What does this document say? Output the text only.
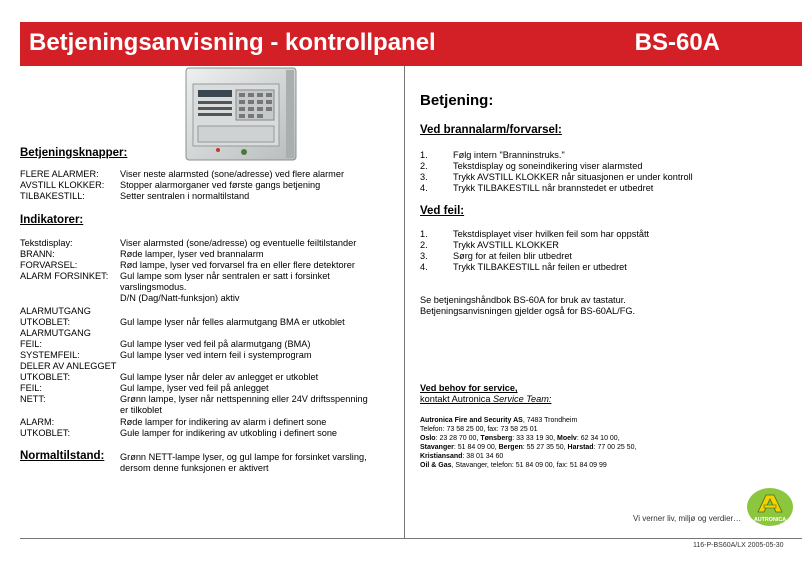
Betjeningsanvisning - kontrollpanel	BS-60A
Betjeningsknapper:
FLERE ALARMER: Viser neste alarmsted (sone/adresse) ved flere alarmer
AVSTILL KLOKKER: Stopper alarmorganer ved første gangs betjening
TILBAKESTILL:	Setter sentralen i normaltilstand
Indikatorer:
Tekstdisplay:	Viser alarmsted (sone/adresse) og eventuelle feiltilstander
BRANN:	Røde lamper, lyser ved brannalarm
FORVARSEL:	Rød lampe, lyser ved forvarsel fra en eller flere detektorer
ALARM FORSINKET: Gul lampe som lyser når sentralen er satt i forsinket
varslingsmodus.
D/N (Dag/Natt-funksjon) aktiv
ALARMUTGANG
UTKOBLET:	Gul lampe lyser når felles alarmutgang BMA er utkoblet
ALARMUTGANG
FEIL:	Gul lampe lyser ved feil på alarmutgang (BMA)
SYSTEMFEIL:	Gul lampe lyser ved intern feil i systemprogram
DELER AV ANLEGGET
UTKOBLET:	Gul lampe lyser når deler av anlegget er utkoblet
FEIL:	Gul lampe, lyser ved feil på anlegget
NETT:	Grønn lampe, lyser når nettspenning eller 24V driftsspenning
er tilkoblet
ALARM:	Røde lamper for indikering av alarm i definert sone
UTKOBLET:	Gule lamper for indikering av utkobling i definert sone
Normaltilstand: Grønn NETT-lampe lyser, og gul lampe for forsinket varsling,
dersom denne funksjonen er aktivert
Betjening:
Ved brannalarm/forvarsel:
1.	Følg intern "Branninstruks."
2.	Tekstdisplay og soneindikering viser alarmsted
3.	Trykk AVSTILL KLOKKER når situasjonen er under kontroll
4.	Trykk TILBAKESTILL når brannstedet er utbedret
Ved feil:
1.	Tekstdisplayet viser hvilken feil som har oppstått
2.	Trykk AVSTILL KLOKKER
3.	Sørg for at feilen blir utbedret
4.	Trykk TILBAKESTILL når feilen er utbedret
Se betjeningshåndbok BS-60A for bruk av tastatur.
Betjeningsanvisningen gjelder også for BS-60AL/FG.
Ved behov for service,
kontakt Autronica Service Team:
Autronica Fire and Security AS, 7483 Trondheim
Telefon: 73 58 25 00, fax: 73 58 25 01
Oslo: 23 28 70 00, Tønsberg: 33 33 19 30, Moelv: 62 34 10 00,
Stavanger: 51 84 09 00, Bergen: 55 27 35 50, Harstad: 77 00 25 50,
Kristiansand: 38 01 34 60
Oil & Gas, Stavanger, telefon: 51 84 09 00, fax: 51 84 09 99
Vi verner liv, miljø og verdier… AUTRONICA
116-P-BS60A/LX 2005-05-30
